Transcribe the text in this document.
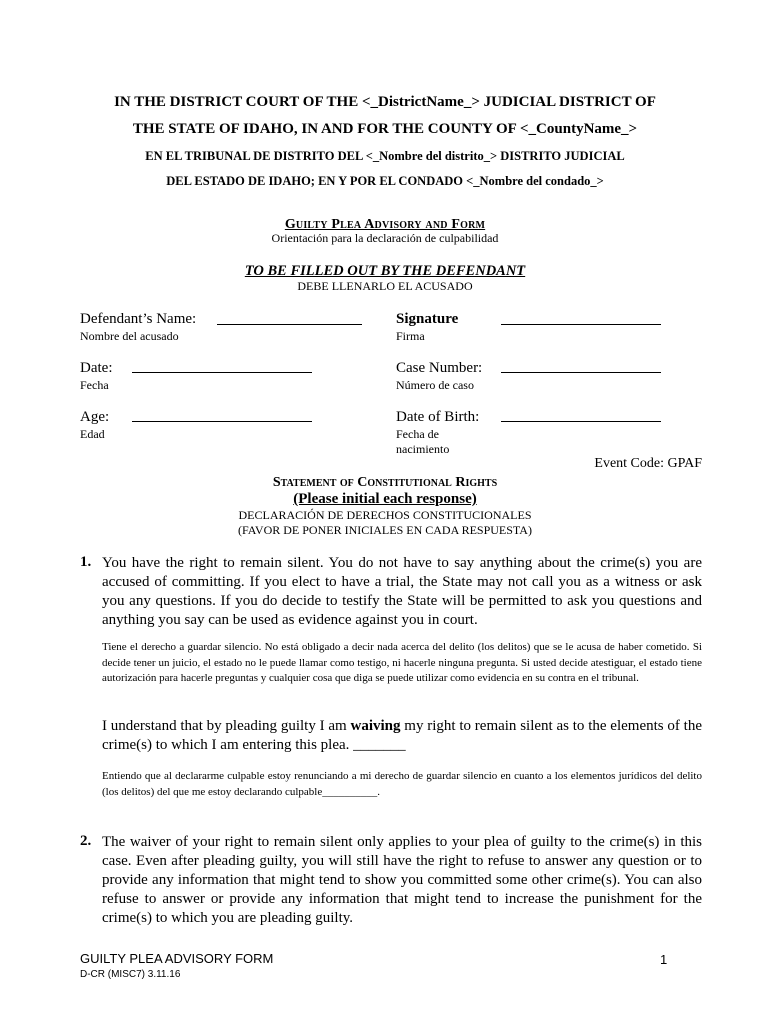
IN THE DISTRICT COURT OF THE <_DistrictName_> JUDICIAL DISTRICT OF
THE STATE OF IDAHO, IN AND FOR THE COUNTY OF <_CountyName_>
EN EL TRIBUNAL DE DISTRITO DEL <_Nombre del distrito_> DISTRITO JUDICIAL
DEL ESTADO DE IDAHO; EN Y POR EL CONDADO <_Nombre del condado_>
Guilty Plea Advisory and Form
Orientación para la declaración de culpabilidad
TO BE FILLED OUT BY THE DEFENDANT
DEBE LLENARLO EL ACUSADO
Defendant’s Name:
Nombre del acusado
Signature
Firma
Date:
Fecha
Case Number:
Número de caso
Age:
Edad
Date of Birth:
Fecha de
nacimiento
Event Code: GPAF
Statement of Constitutional Rights
(Please initial each response)
DECLARACIÓN DE DERECHOS CONSTITUCIONALES
(FAVOR DE PONER INICIALES EN CADA RESPUESTA)
1. You have the right to remain silent. You do not have to say anything about the crime(s) you are accused of committing. If you elect to have a trial, the State may not call you as a witness or ask you any questions. If you do decide to testify the State will be permitted to ask you questions and anything you say can be used as evidence against you in court.
Tiene el derecho a guardar silencio. No está obligado a decir nada acerca del delito (los delitos) que se le acusa de haber cometido. Si decide tener un juicio, el estado no le puede llamar como testigo, ni hacerle ninguna pregunta. Si usted decide atestiguar, el estado tiene autorización para hacerle preguntas y cualquier cosa que diga se puede utilizar como evidencia en su contra en el tribunal.
I understand that by pleading guilty I am waiving my right to remain silent as to the elements of the crime(s) to which I am entering this plea. _______
Entiendo que al declararme culpable estoy renunciando a mi derecho de guardar silencio en cuanto a los elementos jurídicos del delito (los delitos) del que me estoy declarando culpable__________.
2. The waiver of your right to remain silent only applies to your plea of guilty to the crime(s) in this case. Even after pleading guilty, you will still have the right to refuse to answer any question or to provide any information that might tend to show you committed some other crime(s). You can also refuse to answer or provide any information that might tend to increase the punishment for the crime(s) to which you are pleading guilty.
GUILTY PLEA ADVISORY FORM
D-CR (MISC7) 3.11.16
1
